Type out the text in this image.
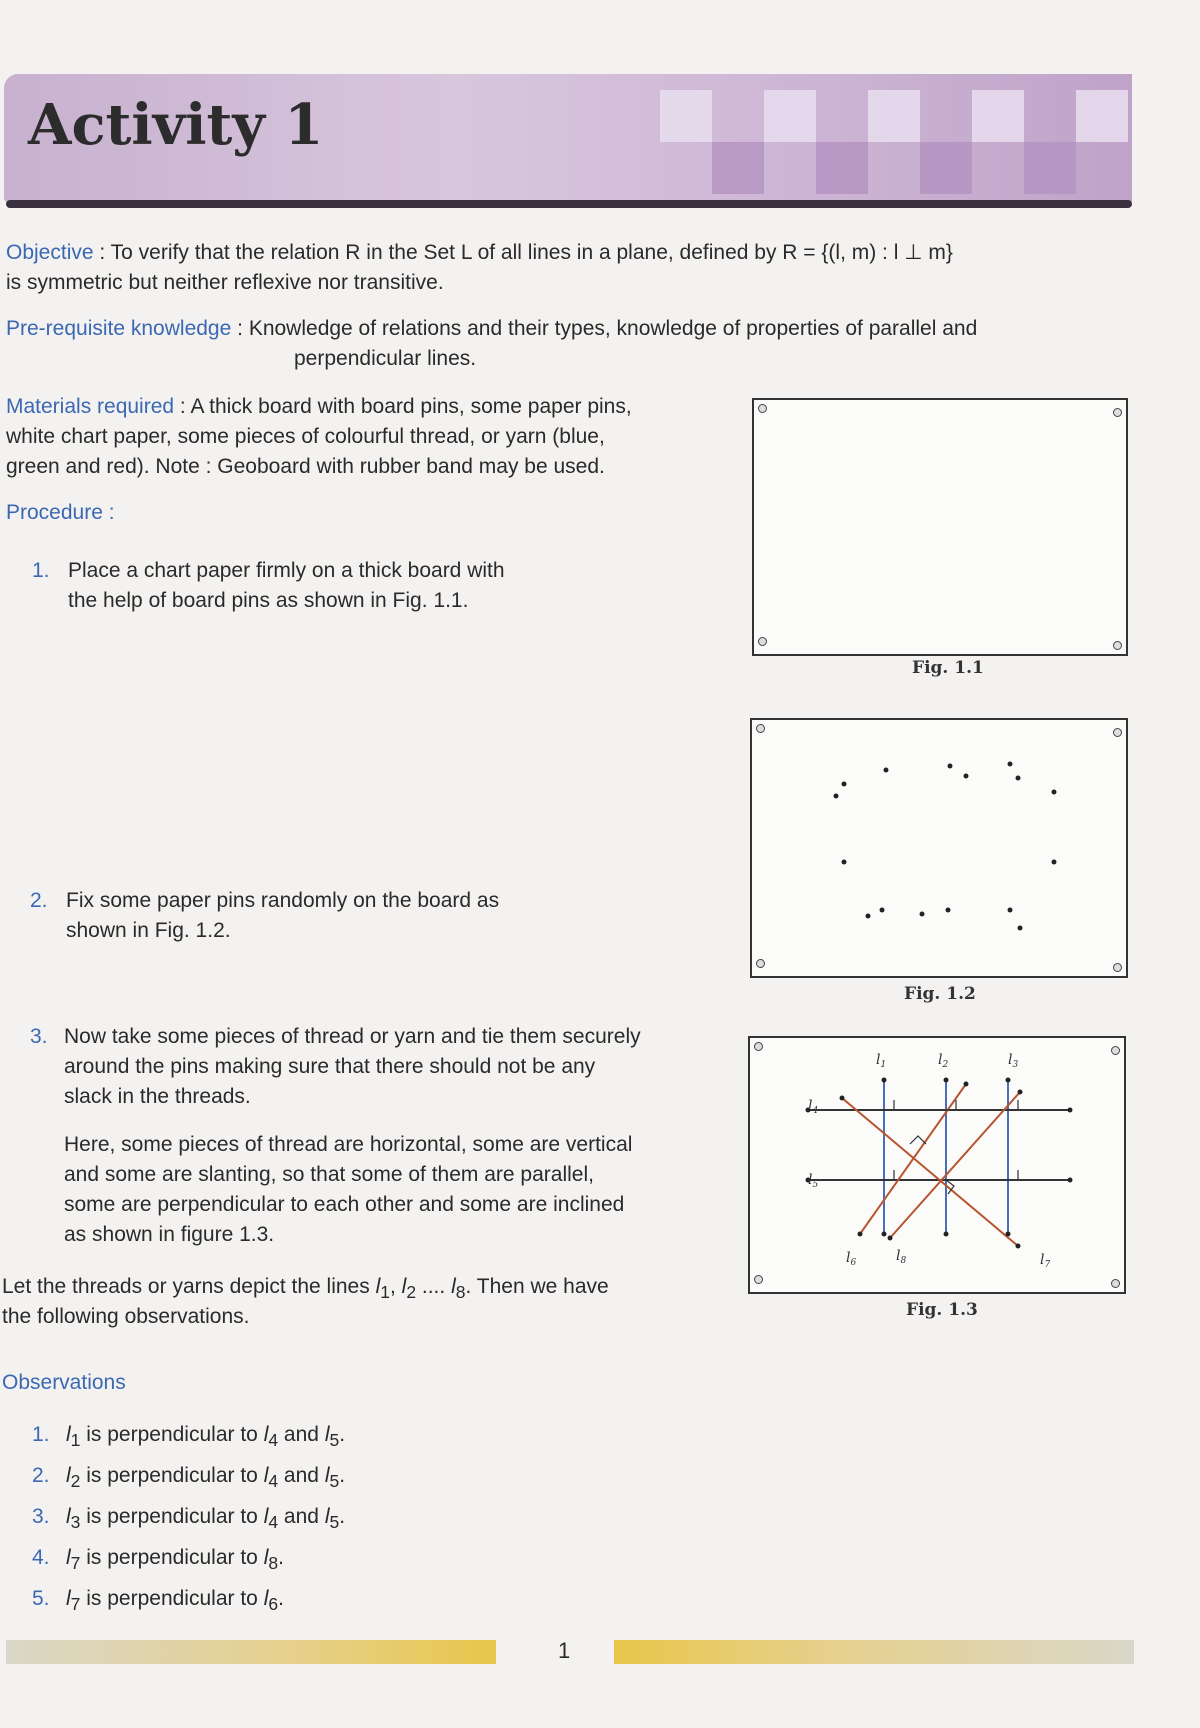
Activity 1
Objective : To verify that the relation R in the Set L of all lines in a plane, defined by R = {(l, m) : l ⊥ m}
is symmetric but neither reflexive nor transitive.
Pre-requisite knowledge : Knowledge of relations and their types, knowledge of properties of parallel and
perpendicular lines.
Materials required : A thick board with board pins, some paper pins,
white chart paper, some pieces of colourful thread, or yarn (blue,
green and red). Note : Geoboard with rubber band may be used.
Procedure :
1. Place a chart paper firmly on a thick board with
the help of board pins as shown in Fig. 1.1.
2. Fix some paper pins randomly on the board as
shown in Fig. 1.2.
3. Now take some pieces of thread or yarn and tie them securely
around the pins making sure that there should not be any
slack in the threads.
Here, some pieces of thread are horizontal, some are vertical
and some are slanting, so that some of them are parallel,
some are perpendicular to each other and some are inclined
as shown in figure 1.3.
Let the threads or yarns depict the lines $l_1$, $l_2$ .... $l_8$. Then we have
the following observations.
Observations
1. $l_1$ is perpendicular to $l_4$ and $l_5$.
2. $l_2$ is perpendicular to $l_4$ and $l_5$.
3. $l_3$ is perpendicular to $l_4$ and $l_5$.
4. $l_7$ is perpendicular to $l_8$.
5. $l_7$ is perpendicular to $l_6$.
Fig. 1.1
Fig. 1.2
$l_1$	$l_2$	$l_3$
$l_4$
$l_5$
$l_6$	$l_7$
$l_8$
Fig. 1.3
1
